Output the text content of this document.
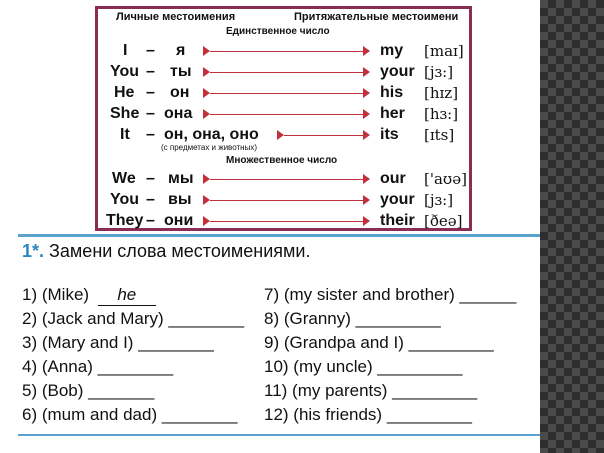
Личные местоимения	Притяжательные местоимени
Единственное число
I – я	my [maɪ]
You – ты	your [jɜ:]
He – он	his [hɪz]
She – она	her [hɜ:]
It – он, она, оно	its [ɪts]
(с предметах и животных)
Множественное число
We – мы	our ['aʊə]
You – вы	your [jɜ:]
They – они	their [ðeə]
1*. Замени слова местоимениями.
1) (Mike) he
2) (Jack and Mary) ________
3) (Mary and I) ________
4) (Anna) ________
5) (Bob) _______
6) (mum and dad) ________
7) (my sister and brother) ______
8) (Granny) _________
9) (Grandpa and I) _________
10) (my uncle) _________
11) (my parents) _________
12) (his friends) _________
